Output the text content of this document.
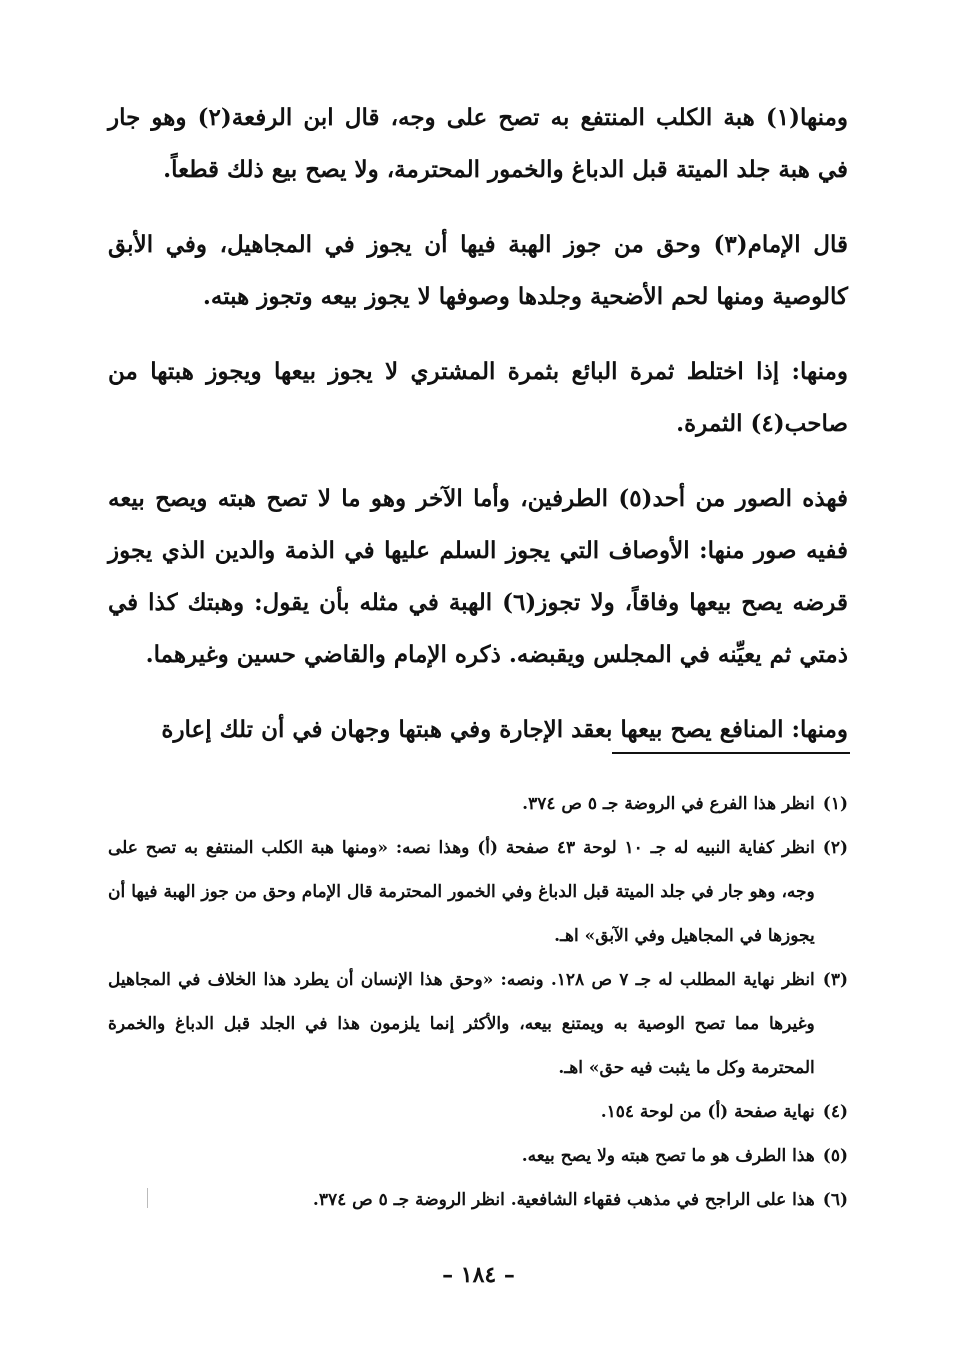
ومنها(١) هبة الكلب المنتفع به تصح على وجه، قال ابن الرفعة(٢) وهو جار في هبة جلد الميتة قبل الدباغ والخمور المحترمة، ولا يصح بيع ذلك قطعاً.

قال الإمام(٣) وحق من جوز الهبة فيها أن يجوز في المجاهيل، وفي الأبق كالوصية ومنها لحم الأضحية وجلدها وصوفها لا يجوز بيعه وتجوز هبته.

ومنها: إذا اختلط ثمرة البائع بثمرة المشتري لا يجوز بيعها ويجوز هبتها من صاحب(٤) الثمرة.

فهذه الصور من أحد(٥) الطرفين، وأما الآخر وهو ما لا تصح هبته ويصح بيعه ففيه صور منها: الأوصاف التي يجوز السلم عليها في الذمة والدين الذي يجوز قرضه يصح بيعها وفاقاً، ولا تجوز(٦) الهبة في مثله بأن يقول: وهبتك كذا في ذمتي ثم يعيِّنه في المجلس ويقبضه. ذكره الإمام والقاضي حسين وغيرهما.

ومنها: المنافع يصح بيعها بعقد الإجارة وفي هبتها وجهان في أن تلك إعارة

(١)
انظر هذا الفرع في الروضة جـ ٥ ص ٣٧٤.
(٢)
انظر كفاية النبيه له جـ ١٠ لوحة ٤٣ صفحة (أ) وهذا نصه: «ومنها هبة الكلب المنتفع به تصح على وجه، وهو جار في جلد الميتة قبل الدباغ وفي الخمور المحترمة قال الإمام وحق من جوز الهبة فيها أن يجوزها في المجاهيل وفي الآبق» اهـ.
(٣)
انظر نهاية المطلب له جـ ٧ ص ١٢٨. ونصه: «وحق هذا الإنسان أن يطرد هذا الخلاف في المجاهيل وغيرها مما تصح الوصية به ويمتنع بيعه، والأكثر إنما يلزمون هذا في الجلد قبل الدباغ والخمرة المحترمة وكل ما يثبت فيه حق» اهـ.
(٤)
نهاية صفحة (أ) من لوحة ١٥٤.
(٥)
هذا الطرف هو ما تصح هبته ولا يصح بيعه.
(٦)
هذا على الراجح في مذهب فقهاء الشافعية. انظر الروضة جـ ٥ ص ٣٧٤.
– ١٨٤ –
